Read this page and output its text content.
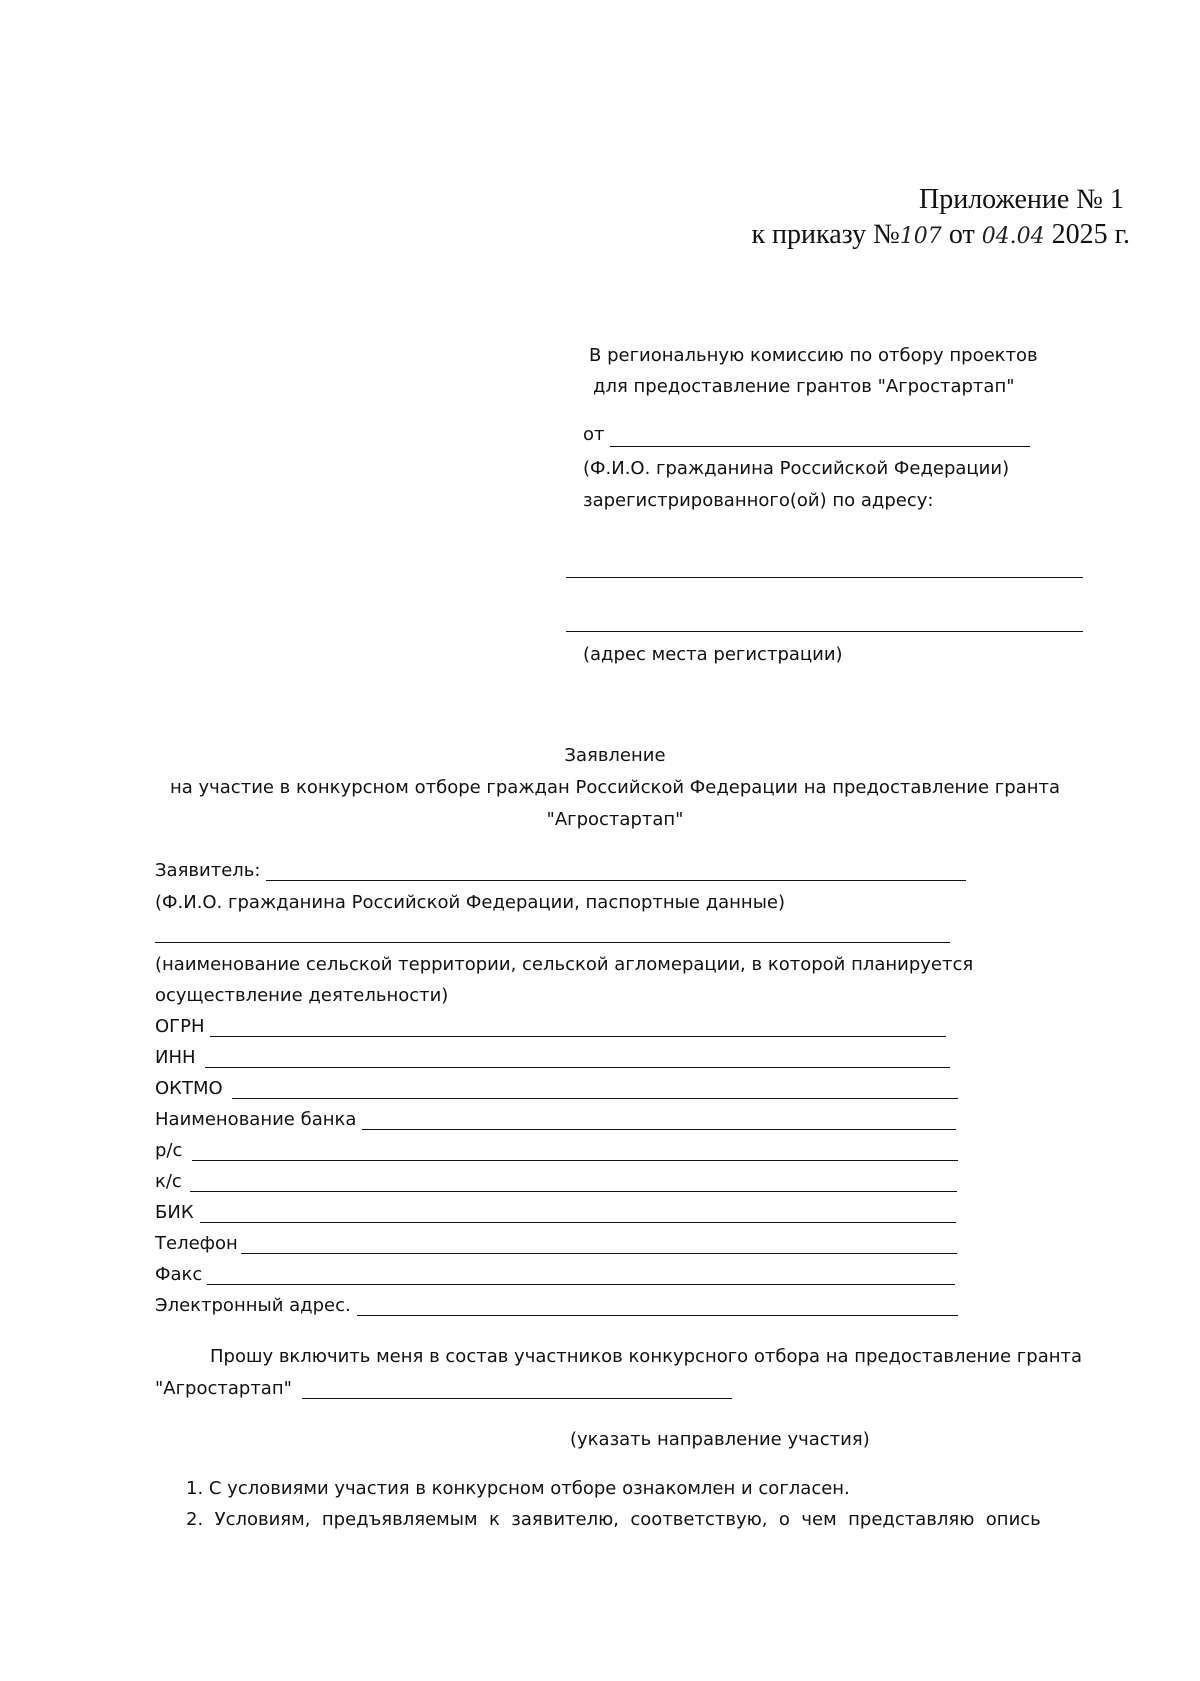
Приложение № 1
к приказу №107 от 04.04 2025 г.
В региональную комиссию по отбору проектов
для предоставление грантов "Агростартап"
от
(Ф.И.О. гражданина Российской Федерации)
зарегистрированного(ой) по адресу:
(адрес места регистрации)
Заявление
на участие в конкурсном отборе граждан Российской Федерации на предоставление гранта
"Агростартап"
Заявитель:
(Ф.И.О. гражданина Российской Федерации, паспортные данные)
(наименование сельской территории, сельской агломерации, в которой планируется
осуществление деятельности)
ОГРН
ИНН
ОКТМО
Наименование банка
р/с
к/с
БИК
Телефон
Факс
Электронный адрес.
Прошу включить меня в состав участников конкурсного отбора на предоставление гранта
"Агростартап"
(указать направление участия)
1. С условиями участия в конкурсном отборе ознакомлен и согласен.
2.  Условиям,  предъявляемым  к  заявителю,  соответствую,  о  чем  представляю  опись
